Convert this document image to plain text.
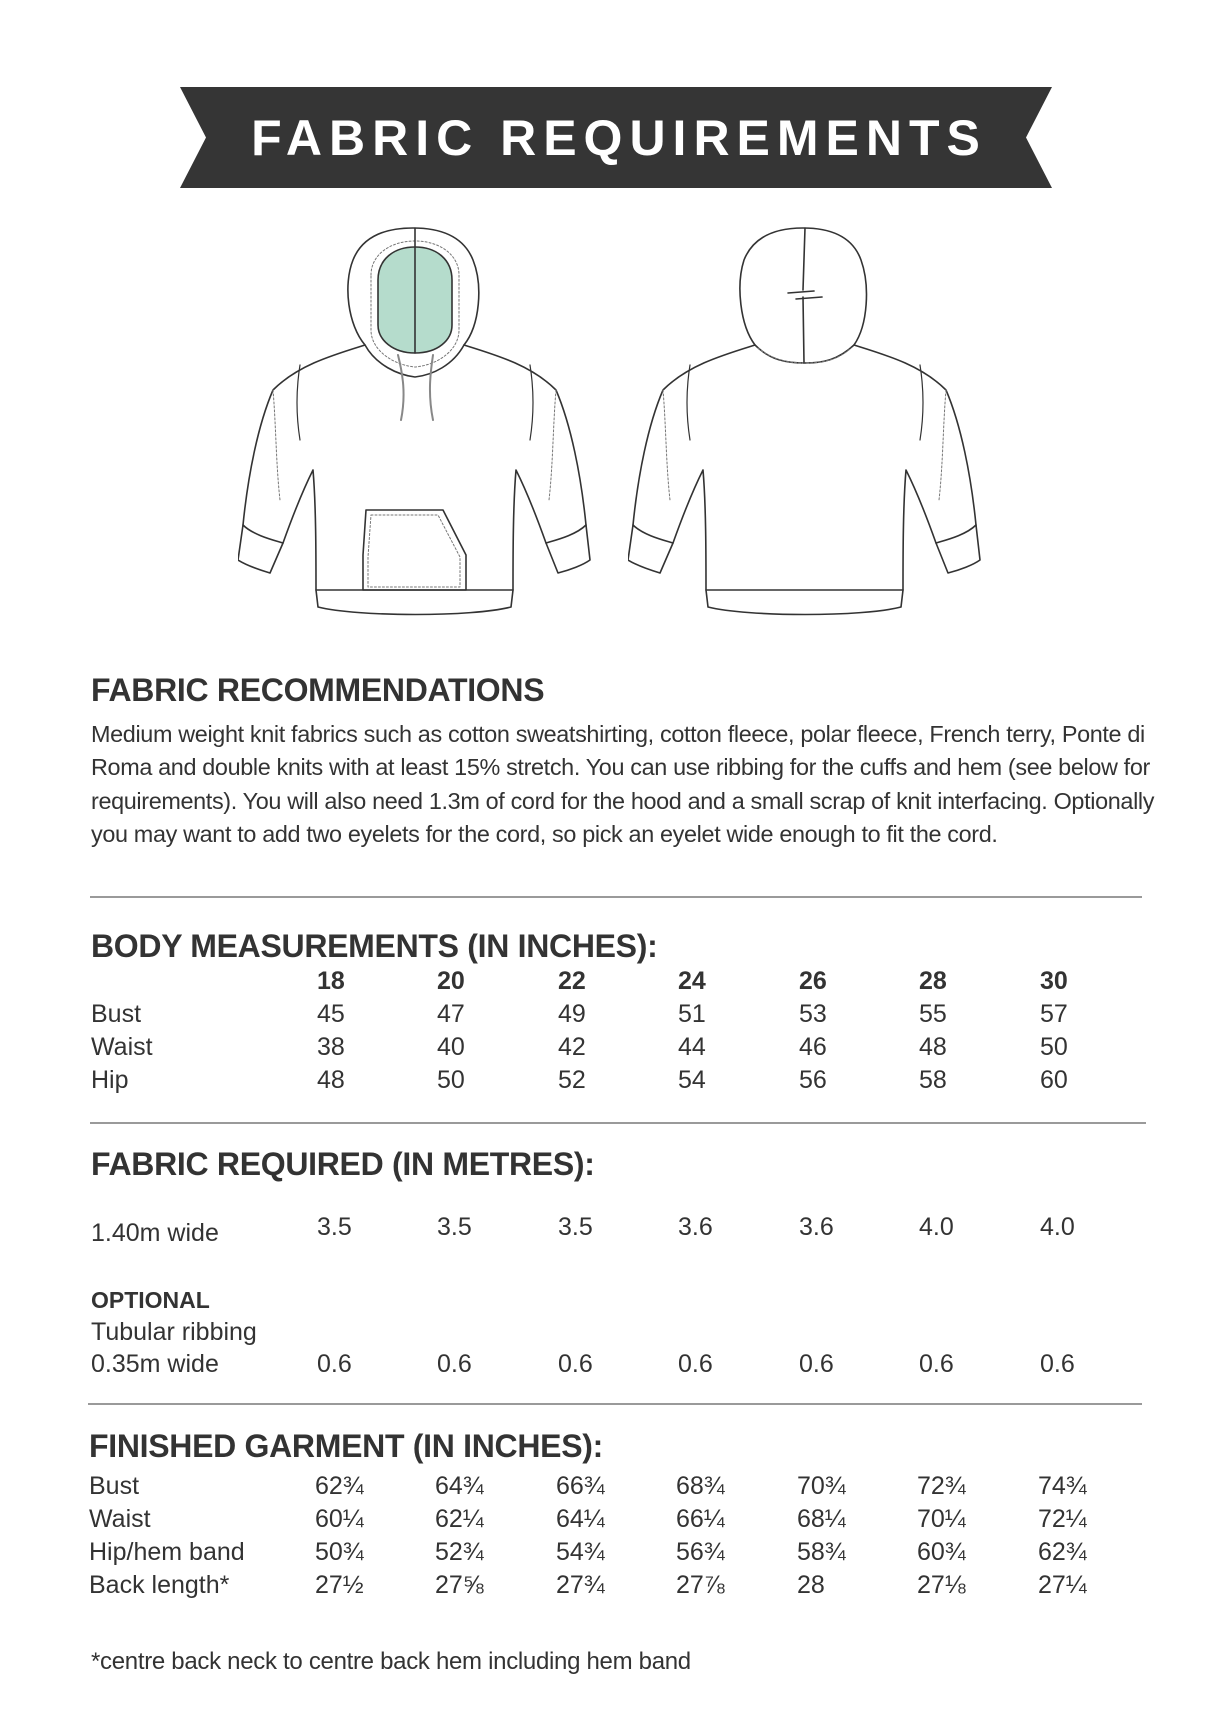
FABRIC REQUIREMENTS
FABRIC RECOMMENDATIONS

Medium weight knit fabrics such as cotton sweatshirting, cotton fleece, polar fleece, French terry, Ponte di Roma and double knits with at least 15% stretch. You can use ribbing for the cuffs and hem (see below for requirements). You will also need 1.3m of cord for the hood and a small scrap of knit interfacing. Optionally you may want to add two eyelets for the cord, so pick an eyelet wide enough to fit the cord.

BODY MEASUREMENTS (IN INCHES):
18	20	22	24	26	28	30
Bust	45	47	49	51	53	55	57
Waist	38	40	42	44	46	48	50
Hip	48	50	52	54	56	58	60
FABRIC REQUIRED (IN METRES):
1.40m wide	3.5	3.5	3.5	3.6	3.6	4.0	4.0
OPTIONAL
Tubular ribbing
0.35m wide	0.6	0.6	0.6	0.6	0.6	0.6	0.6
FINISHED GARMENT (IN INCHES):
Bust	62¾	64¾	66¾	68¾	70¾	72¾	74¾
Waist	60¼	62¼	64¼	66¼	68¼	70¼	72¼
Hip/hem band	50¾	52¾	54¾	56¾	58¾	60¾	62¾
Back length*	27½	27⅝	27¾	27⅞	28	27⅛	27¼
*centre back neck to centre back hem including hem band
